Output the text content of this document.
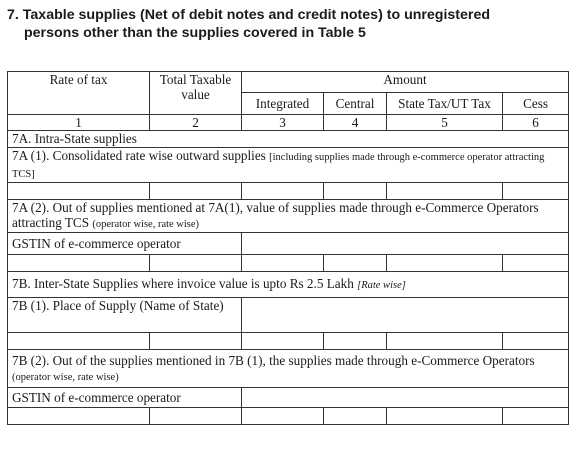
7. Taxable supplies (Net of debit notes and credit notes) to unregistered
persons other than the supplies covered in Table 5
Rate of tax	Total Taxable
value	Amount			
		Integrated	Central	State Tax/UT Tax	Cess
1	2	3	4	5	6
7A. Intra-State supplies					
7A (1). Consolidated rate wise outward supplies [including supplies made through e-commerce operator attracting TCS]					

7A (2). Out of supplies mentioned at 7A(1), value of supplies made through e-Commerce Operators attracting TCS (operator wise, rate wise)					
GSTIN of e-commerce operator					

7B. Inter-State Supplies where invoice value is upto Rs 2.5 Lakh [Rate wise]					
7B (1). Place of Supply (Name of State)					

7B (2). Out of the supplies mentioned in 7B (1), the supplies made through e-Commerce Operators (operator wise, rate wise)					
GSTIN of e-commerce operator					
